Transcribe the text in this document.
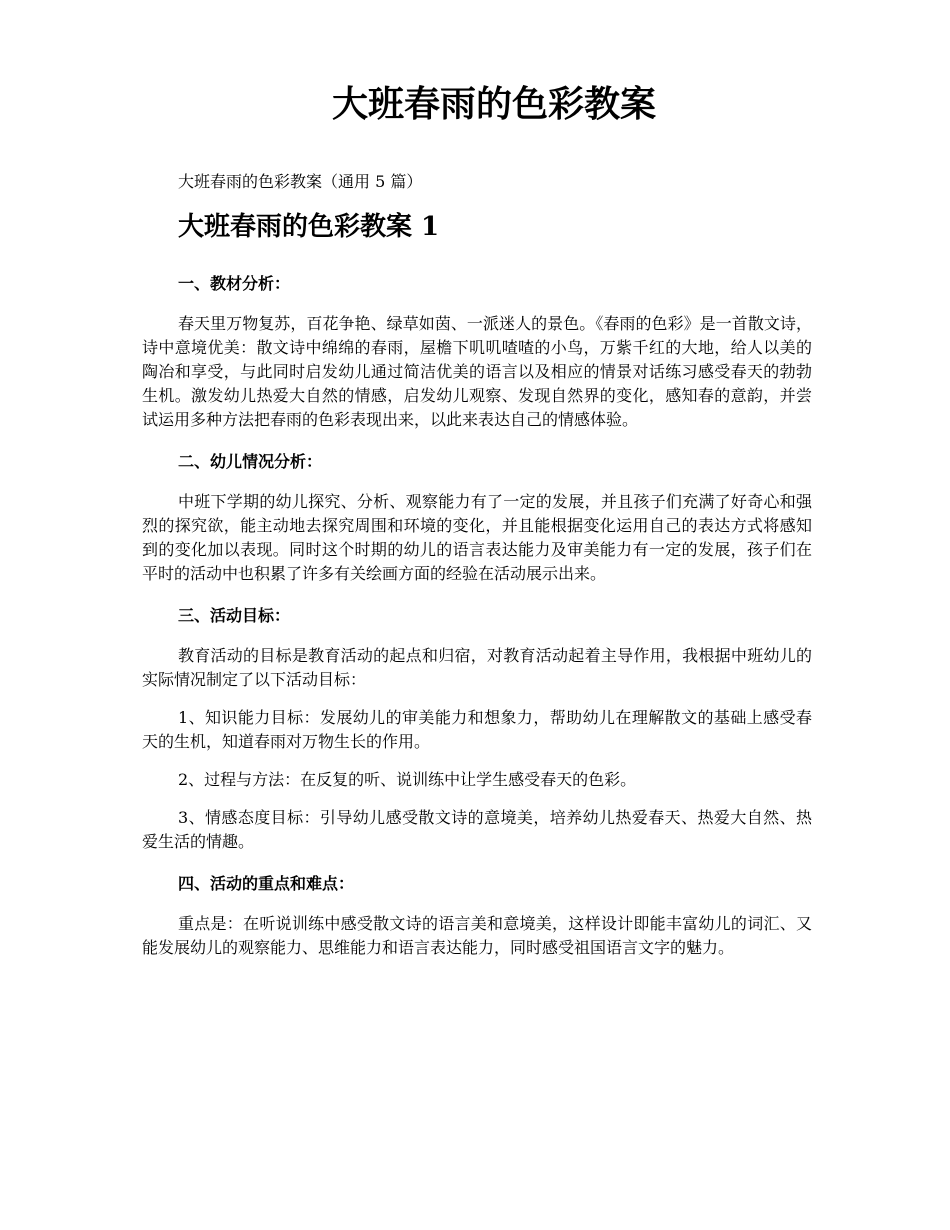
大班春雨的色彩教案

大班春雨的色彩教案（通用 5 篇）

大班春雨的色彩教案 1

一、教材分析：

春天里万物复苏，百花争艳、绿草如茵、一派迷人的景色。《春雨的色彩》是一首散文诗，诗中意境优美：散文诗中绵绵的春雨，屋檐下叽叽喳喳的小鸟，万紫千红的大地，给人以美的陶冶和享受，与此同时启发幼儿通过简洁优美的语言以及相应的情景对话练习感受春天的勃勃生机。激发幼儿热爱大自然的情感，启发幼儿观察、发现自然界的变化，感知春的意韵，并尝试运用多种方法把春雨的色彩表现出来，以此来表达自己的情感体验。

二、幼儿情况分析：

中班下学期的幼儿探究、分析、观察能力有了一定的发展，并且孩子们充满了好奇心和强烈的探究欲，能主动地去探究周围和环境的变化，并且能根据变化运用自己的表达方式将感知到的变化加以表现。同时这个时期的幼儿的语言表达能力及审美能力有一定的发展，孩子们在平时的活动中也积累了许多有关绘画方面的经验在活动展示出来。

三、活动目标：

教育活动的目标是教育活动的起点和归宿，对教育活动起着主导作用，我根据中班幼儿的实际情况制定了以下活动目标：

1、知识能力目标：发展幼儿的审美能力和想象力，帮助幼儿在理解散文的基础上感受春天的生机，知道春雨对万物生长的作用。

2、过程与方法：在反复的听、说训练中让学生感受春天的色彩。

3、情感态度目标：引导幼儿感受散文诗的意境美，培养幼儿热爱春天、热爱大自然、热爱生活的情趣。

四、活动的重点和难点：

重点是：在听说训练中感受散文诗的语言美和意境美，这样设计即能丰富幼儿的词汇、又能发展幼儿的观察能力、思维能力和语言表达能力，同时感受祖国语言文字的魅力。
